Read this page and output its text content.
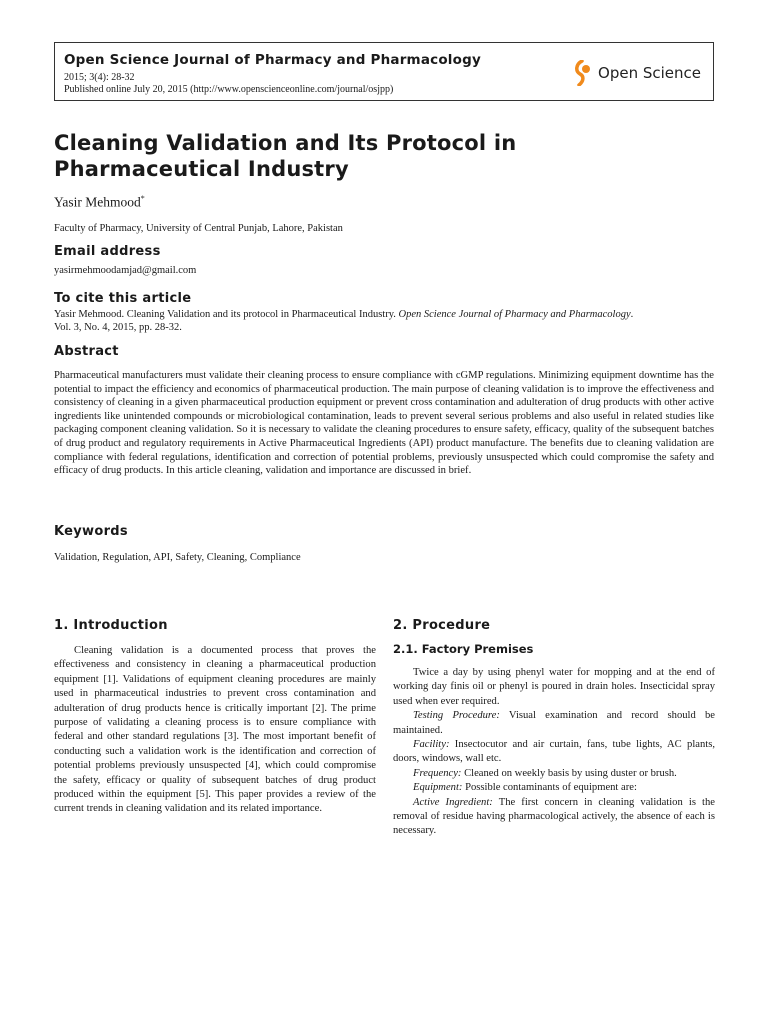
Open Science Journal of Pharmacy and Pharmacology
2015; 3(4): 28-32
Published online July 20, 2015 (http://www.openscienceonline.com/journal/osjpp)
Open Science
Cleaning Validation and Its Protocol in Pharmaceutical Industry
Yasir Mehmood*
Faculty of Pharmacy, University of Central Punjab, Lahore, Pakistan
Email address
yasirmehmoodamjad@gmail.com
To cite this article
Yasir Mehmood. Cleaning Validation and its protocol in Pharmaceutical Industry. Open Science Journal of Pharmacy and Pharmacology.
Vol. 3, No. 4, 2015, pp. 28-32.
Abstract

Pharmaceutical manufacturers must validate their cleaning process to ensure compliance with cGMP regulations. Minimizing equipment downtime has the potential to impact the efficiency and economics of pharmaceutical production. The main purpose of cleaning validation is to improve the effectiveness and consistency of cleaning in a given pharmaceutical production equipment or prevent cross contamination and adulteration of drug products with other active ingredients like unintended compounds or microbiological contamination, leads to prevent several serious problems and also useful in related studies like packaging component cleaning validation. So it is necessary to validate the cleaning procedures to ensure safety, efficacy, quality of the subsequent batches of drug product and regulatory requirements in Active Pharmaceutical Ingredients (API) product manufacture. The benefits due to cleaning validation are compliance with federal regulations, identification and correction of potential problems, previously unsuspected which could compromise the safety and efficacy of drug products. In this article cleaning, validation and importance are discussed in brief.

Keywords
Validation, Regulation, API, Safety, Cleaning, Compliance
1. Introduction

Cleaning validation is a documented process that proves the effectiveness and consistency in cleaning a pharmaceutical production equipment [1]. Validations of equipment cleaning procedures are mainly used in pharmaceutical industries to prevent cross contamination and adulteration of drug products hence is critically important [2]. The prime purpose of validating a cleaning process is to ensure compliance with federal and other standard regulations [3]. The most important benefit of conducting such a validation work is the identification and correction of potential problems previously unsuspected [4], which could compromise the safety, efficacy or quality of subsequent batches of drug product produced within the equipment [5]. This paper provides a review of the current trends in cleaning validation and its related importance.

2. Procedure
2.1. Factory Premises

Twice a day by using phenyl water for mopping and at the end of working day finis oil or phenyl is poured in drain holes. Insecticidal spray used when ever required.

Testing Procedure: Visual examination and record should be maintained.

Facility: Insectocutor and air curtain, fans, tube lights, AC plants, doors, windows, wall etc.

Frequency: Cleaned on weekly basis by using duster or brush.

Equipment: Possible contaminants of equipment are:

Active Ingredient: The first concern in cleaning validation is the removal of residue having pharmacological actively, the absence of each is necessary.
